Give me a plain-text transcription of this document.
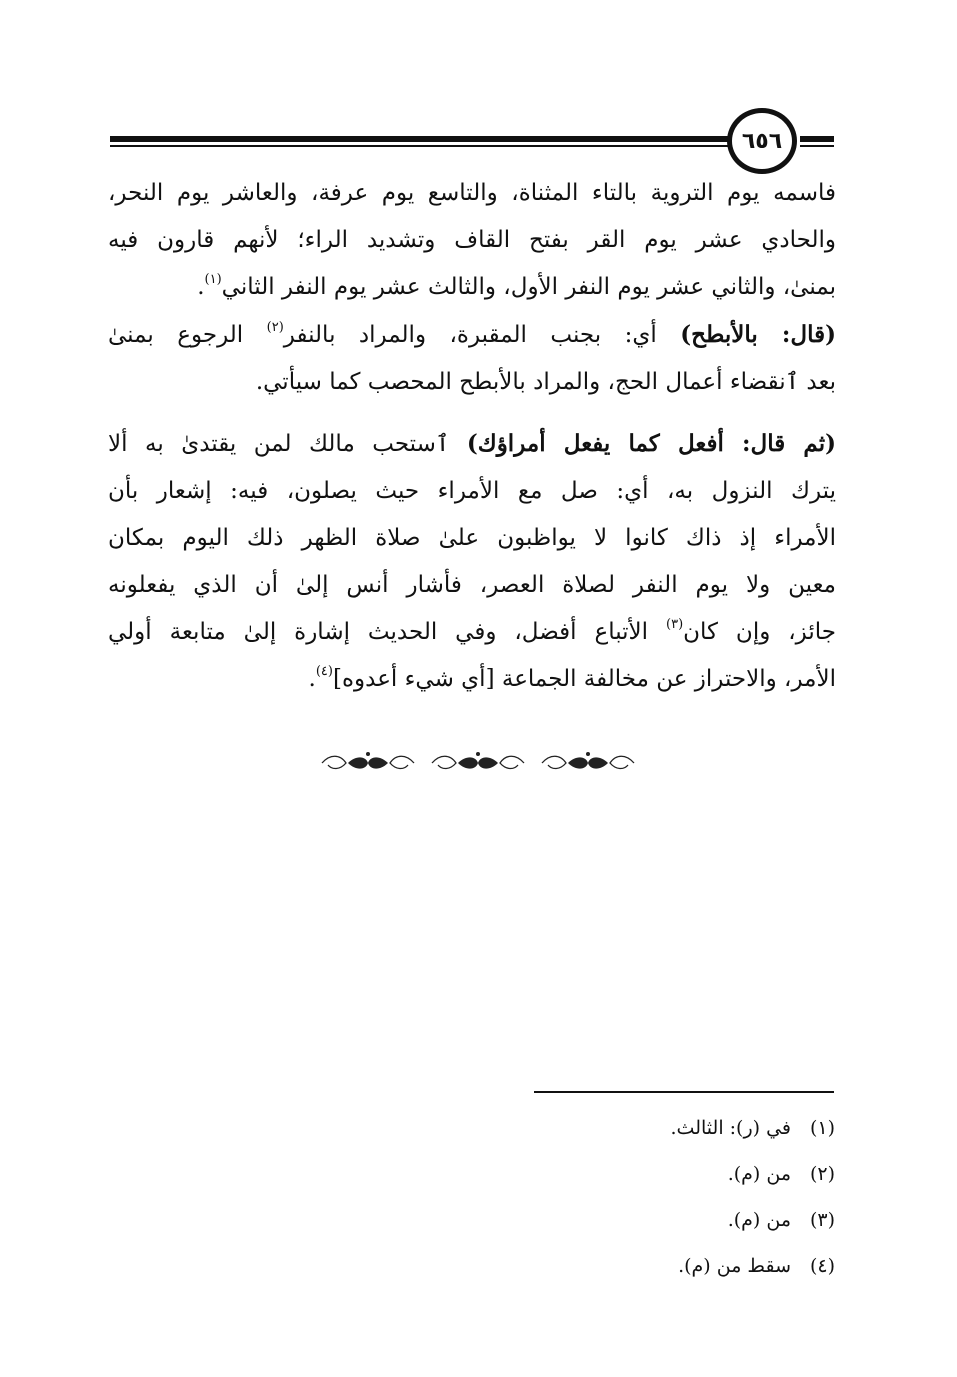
٦٥٦

فاسمه يوم التروية بالتاء المثناة، والتاسع يوم عرفة، والعاشر يوم النحر،
والحادي عشر يوم القر بفتح القاف وتشديد الراء؛ لأنهم قارون فيه
بمنىٰ، والثاني عشر يوم النفر الأول، والثالث عشر يوم النفر الثاني$^{(١)}$.
(قال: بالأبطح) أي: بجنب المقبرة، والمراد بالنفر$^{(٢)}$ الرجوع بمنىٰ
بعد ٱنقضاء أعمال الحج، والمراد بالأبطح المحصب كما سيأتي.

(ثم قال: أفعل كما يفعل أمراؤك) ٱستحب مالك لمن يقتدىٰ به ألا
يترك النزول به، أي: صل مع الأمراء حيث يصلون، فيه: إشعار بأن
الأمراء إذ ذاك كانوا لا يواظبون علىٰ صلاة الظهر ذلك اليوم بمكان
معين ولا يوم النفر لصلاة العصر، فأشار أنس إلىٰ أن الذي يفعلونه
جائز، وإن كان$^{(٣)}$ الأتباع أفضل، وفي الحديث إشارة إلىٰ متابعة أولي
الأمر، والاحتراز عن مخالفة الجماعة [أي شيء أعدوه]$^{(٤)}$.

(١)
في (ر): الثالث.
(٢)
من (م).
(٣)
من (م).
(٤)
سقط من (م).
